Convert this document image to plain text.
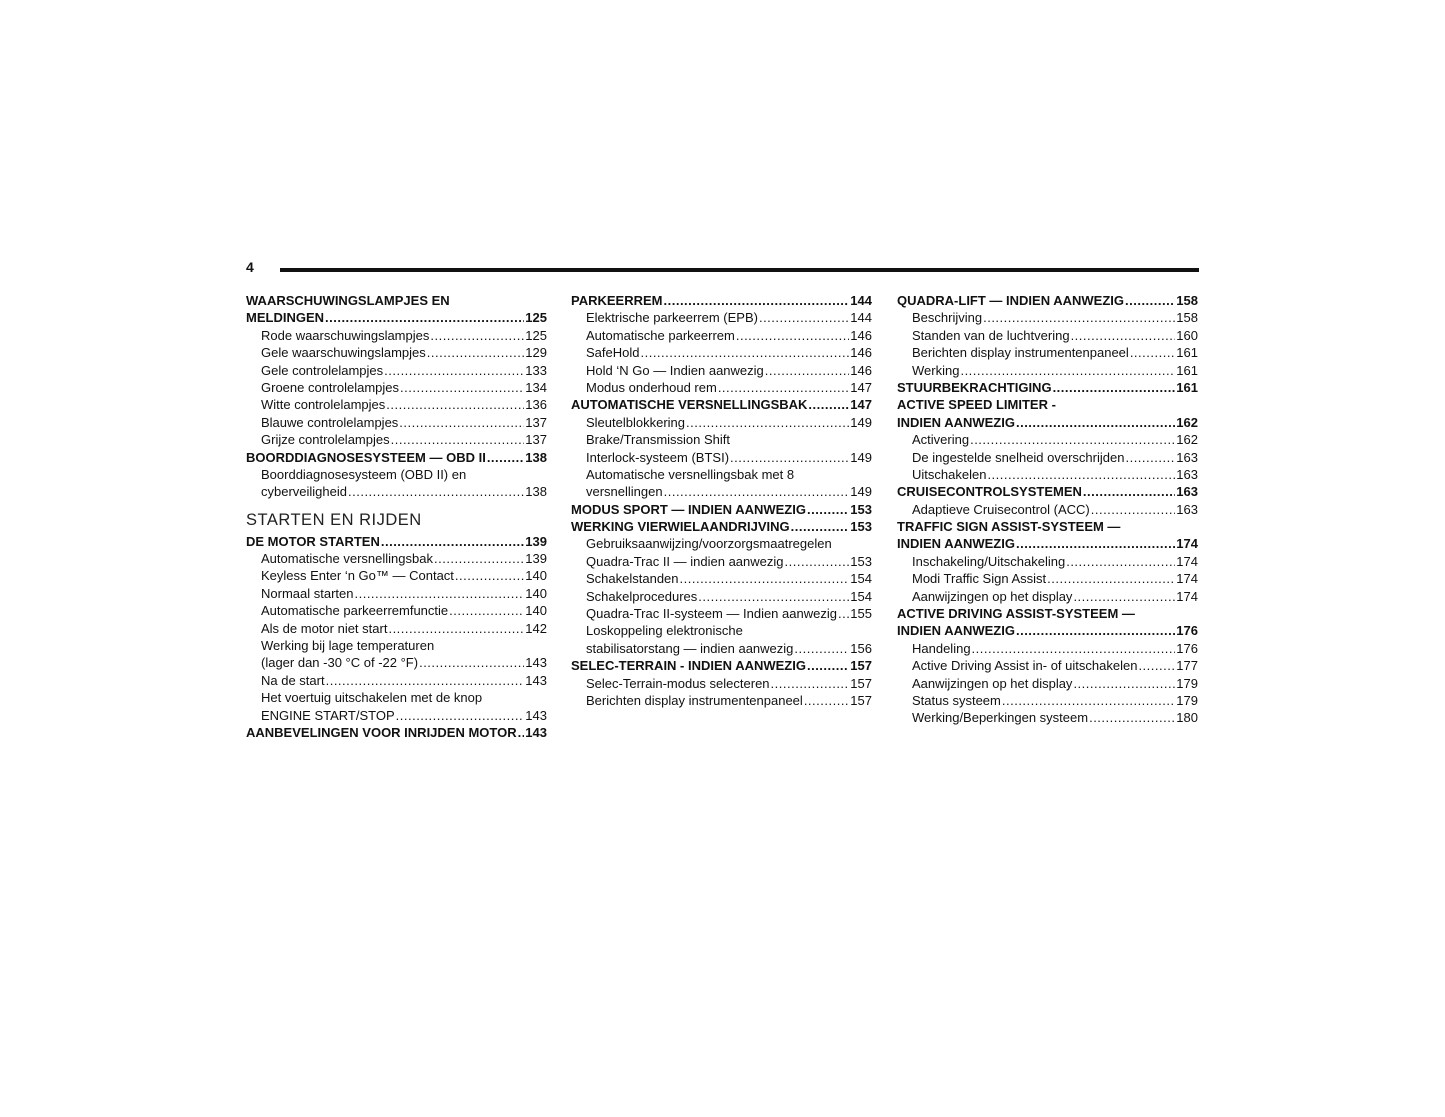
4
WAARSCHUWINGSLAMPJES EN
MELDINGEN .....	125
Rode waarschuwingslampjes .....	125
Gele waarschuwingslampjes .....	129
Gele controlelampjes .....	133
Groene controlelampjes .....	134
Witte controlelampjes .....	136
Blauwe controlelampjes .....	137
Grijze controlelampjes .....	137
BOORDDIAGNOSESYSTEEM — OBD II .....	138
Boorddiagnosesysteem (OBD II) en
cyberveiligheid .....	138
STARTEN EN RIJDEN
DE MOTOR STARTEN .....	139
Automatische versnellingsbak .....	139
Keyless Enter ‘n Go™ — Contact .....	140
Normaal starten .....	140
Automatische parkeerremfunctie .....	140
Als de motor niet start .....	142
Werking bij lage temperaturen
(lager dan -30 °C of -22 °F) .....	143
Na de start .....	143
Het voertuig uitschakelen met de knop
ENGINE START/STOP .....	143
AANBEVELINGEN VOOR INRIJDEN MOTOR ..... 143
PARKEERREM .....	144
Elektrische parkeerrem (EPB) .....	144
Automatische parkeerrem .....	146
SafeHold .....	146
Hold ‘N Go — Indien aanwezig .....	146
Modus onderhoud rem .....	147
AUTOMATISCHE VERSNELLINGSBAK .....	147
Sleutelblokkering .....	149
Brake/Transmission Shift
Interlock-systeem (BTSI) .....	149
Automatische versnellingsbak met 8
versnellingen .....	149
MODUS SPORT — INDIEN AANWEZIG .....	153
WERKING VIERWIELAANDRIJVING .....	153
Gebruiksaanwijzing/voorzorgsmaatregelen
Quadra-Trac II — indien aanwezig .....	153
Schakelstanden .....	154
Schakelprocedures .....	154
Quadra-Trac II-systeem — Indien aanwezig ..... 155
Loskoppeling elektronische
stabilisatorstang — indien aanwezig .....	156
SELEC-TERRAIN - INDIEN AANWEZIG .....	157
Selec-Terrain-modus selecteren .....	157
Berichten display instrumentenpaneel .....	157
QUADRA-LIFT — INDIEN AANWEZIG .....	158
Beschrijving .....	158
Standen van de luchtvering .....	160
Berichten display instrumentenpaneel .....	161
Werking .....	161
STUURBEKRACHTIGING .....	161
ACTIVE SPEED LIMITER -
INDIEN AANWEZIG .....	162
Activering .....	162
De ingestelde snelheid overschrijden .....	163
Uitschakelen .....	163
CRUISECONTROLSYSTEMEN .....	163
Adaptieve Cruisecontrol (ACC) .....	163
TRAFFIC SIGN ASSIST-SYSTEEM —
INDIEN AANWEZIG .....	174
Inschakeling/Uitschakeling .....	174
Modi Traffic Sign Assist .....	174
Aanwijzingen op het display .....	174
ACTIVE DRIVING ASSIST-SYSTEEM —
INDIEN AANWEZIG .....	176
Handeling .....	176
Active Driving Assist in- of uitschakelen .....	177
Aanwijzingen op het display .....	179
Status systeem .....	179
Werking/Beperkingen systeem .....	180
